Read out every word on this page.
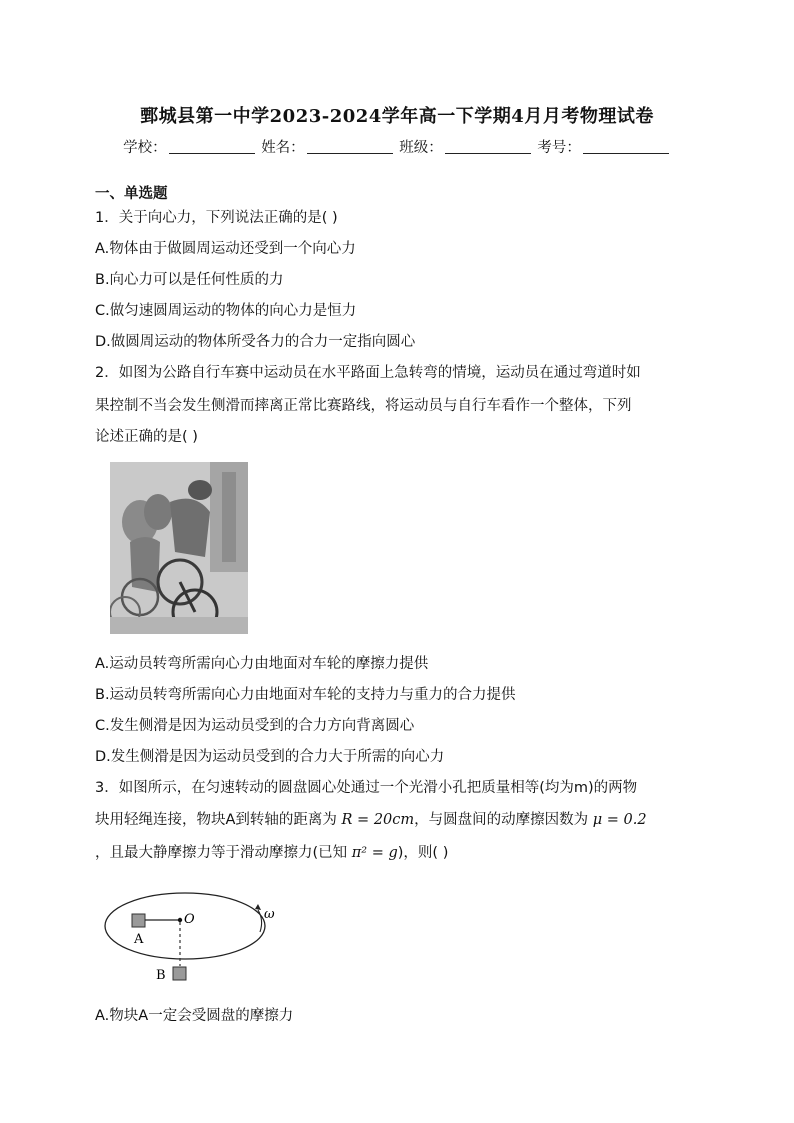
鄄城县第一中学2023-2024学年高一下学期4月月考物理试卷
学校：	姓名：	班级：	考号：
一、单选题
1．关于向心力，下列说法正确的是( )
A.物体由于做圆周运动还受到一个向心力
B.向心力可以是任何性质的力
C.做匀速圆周运动的物体的向心力是恒力
D.做圆周运动的物体所受各力的合力一定指向圆心
2．如图为公路自行车赛中运动员在水平路面上急转弯的情境，运动员在通过弯道时如
果控制不当会发生侧滑而摔离正常比赛路线，将运动员与自行车看作一个整体，下列
论述正确的是( )
A.运动员转弯所需向心力由地面对车轮的摩擦力提供
B.运动员转弯所需向心力由地面对车轮的支持力与重力的合力提供
C.发生侧滑是因为运动员受到的合力方向背离圆心
D.发生侧滑是因为运动员受到的合力大于所需的向心力
3．如图所示，在匀速转动的圆盘圆心处通过一个光滑小孔把质量相等(均为m)的两物
块用轻绳连接，物块A到转轴的距离为 R = 20cm，与圆盘间的动摩擦因数为 μ = 0.2
，且最大静摩擦力等于滑动摩擦力(已知 π² = g)，则( )
O
A
B
ω
A.物块A一定会受圆盘的摩擦力
